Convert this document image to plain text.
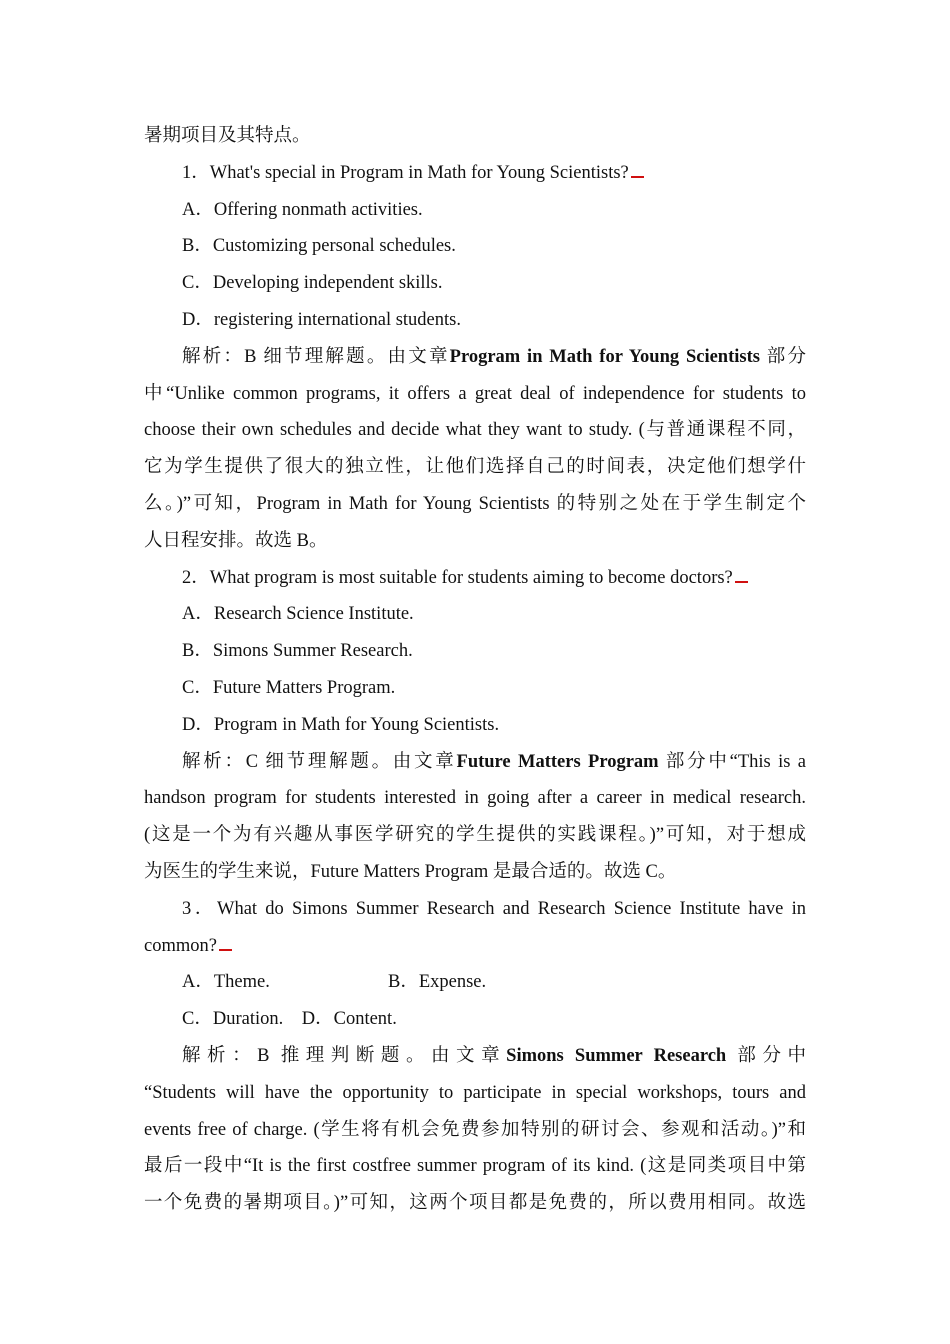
暑期项目及其特点。
1．What's special in Program in Math for Young Scientists?
A．Offering nonmath activities.
B．Customizing personal schedules.
C．Developing independent skills.
D．registering international students.
解析：B 细节理解题。由文章Program in Math for Young Scientists 部分
中“Unlike common programs, it offers a great deal of independence for students to
choose their own schedules and decide what they want to study. (与普通课程不同，
它为学生提供了很大的独立性，让他们选择自己的时间表，决定他们想学什
么。)”可知，Program in Math for Young Scientists 的特别之处在于学生制定个
人日程安排。故选 B。
2．What program is most suitable for students aiming to become doctors?
A．Research Science Institute.
B．Simons Summer Research.
C．Future Matters Program.
D．Program in Math for Young Scientists.
解析：C 细节理解题。由文章Future Matters Program 部分中“This is a
handson program for students interested in going after a career in medical research.
(这是一个为有兴趣从事医学研究的学生提供的实践课程。)”可知，对于想成
为医生的学生来说，Future Matters Program 是最合适的。故选 C。
3．What do Simons Summer Research and Research Science Institute have in
common?
A．Theme.	B．Expense.
C．Duration.　 D．Content.
解析：B 推理判断题。由文章Simons Summer Research 部分中
“Students will have the opportunity to participate in special workshops, tours and
events free of charge. (学生将有机会免费参加特别的研讨会、参观和活动。)”和
最后一段中“It is the first costfree summer program of its kind. (这是同类项目中第
一个免费的暑期项目。)”可知，这两个项目都是免费的，所以费用相同。故选
